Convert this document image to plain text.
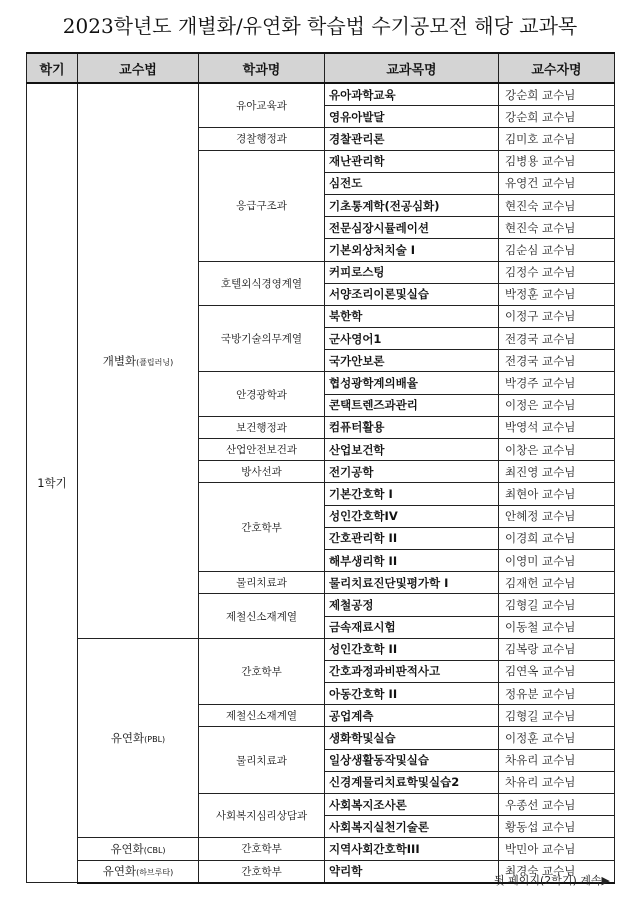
2023학년도 개별화/유연화 학습법 수기공모전 해당 교과목
학기	교수법	학과명	교과목명	교수자명
1학기	개별화(플립러닝)	유아교육과	유아과학교육	강순희 교수님
			영유아발달	강순희 교수님
		경찰행정과	경찰관리론	김미호 교수님
		응급구조과	재난관리학	김병용 교수님
			심전도	유영건 교수님
			기초통계학(전공심화)	현진숙 교수님
			전문심장시뮬레이션	현진숙 교수님
			기본외상처치술 I	김순심 교수님
		호텔외식경영계열	커피로스팅	김정수 교수님
			서양조리이론및실습	박정훈 교수님
		국방기술의무계열	북한학	이정구 교수님
			군사영어1	전경국 교수님
			국가안보론	전경국 교수님
		안경광학과	협성광학계의배율	박경주 교수님
			콘택트렌즈과관리	이정은 교수님
		보건행정과	컴퓨터활용	박영석 교수님
		산업안전보건과	산업보건학	이창은 교수님
		방사선과	전기공학	최진영 교수님
		간호학부	기본간호학 I	최현아 교수님
			성인간호학IV	안혜정 교수님
			간호관리학 II	이경희 교수님
			해부생리학 II	이영미 교수님
		물리치료과	물리치료진단및평가학 I	김재헌 교수님
		제철신소재계열	제철공정	김형길 교수님
			금속재료시험	이동철 교수님
	유연화(PBL)	간호학부	성인간호학 II	김복랑 교수님
			간호과정과비판적사고	김연옥 교수님
			아동간호학 II	정유분 교수님
		제철신소재계열	공업계측	김형길 교수님
		물리치료과	생화학및실습	이정훈 교수님
			일상생활동작및실습	차유리 교수님
			신경계물리치료학및실습2	차유리 교수님
		사회복지심리상담과	사회복지조사론	우종선 교수님
			사회복지실천기술론	황동섭 교수님
	유연화(CBL)	간호학부	지역사회간호학III	박민아 교수님
	유연화(하브루타)	간호학부	약리학	최경숙 교수님
뒷 페이지(2학기) 계속▶
